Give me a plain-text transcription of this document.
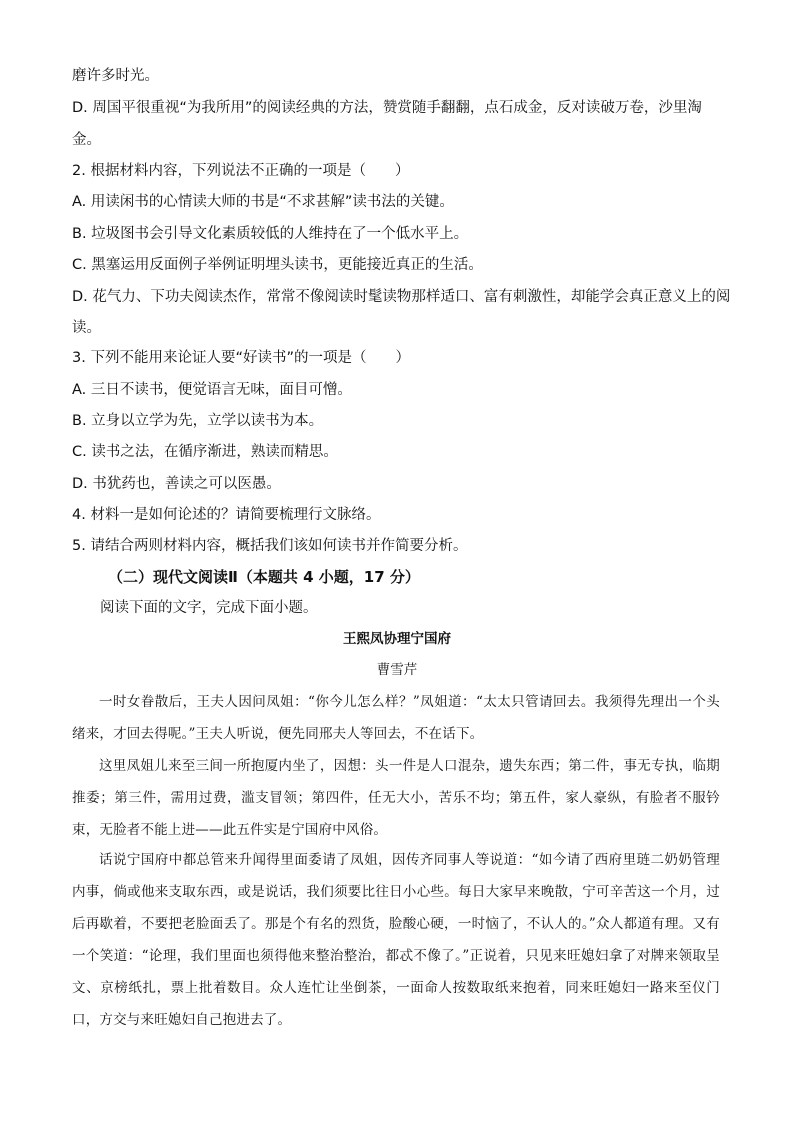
磨许多时光。
D. 周国平很重视“为我所用”的阅读经典的方法，赞赏随手翻翻，点石成金，反对读破万卷，沙里淘
金。
2. 根据材料内容，下列说法不正确的一项是（　　）
A. 用读闲书的心情读大师的书是“不求甚解”读书法的关键。
B. 垃圾图书会引导文化素质较低的人维持在了一个低水平上。
C. 黑塞运用反面例子举例证明埋头读书，更能接近真正的生活。
D. 花气力、下功夫阅读杰作，常常不像阅读时髦读物那样适口、富有刺激性，却能学会真正意义上的阅
读。
3. 下列不能用来论证人要“好读书”的一项是（　　）
A. 三日不读书，便觉语言无味，面目可憎。
B. 立身以立学为先，立学以读书为本。
C. 读书之法，在循序渐进，熟读而精思。
D. 书犹药也，善读之可以医愚。
4. 材料一是如何论述的？请简要梳理行文脉络。
5. 请结合两则材料内容，概括我们该如何读书并作简要分析。
（二）现代文阅读Ⅱ（本题共 4 小题，17 分）
阅读下面的文字，完成下面小题。
王熙凤协理宁国府
曹雪芹
一时女眷散后，王夫人因问凤姐：“你今儿怎么样？”凤姐道：“太太只管请回去。我须得先理出一个头绪来，才回去得呢。”王夫人听说，便先同邢夫人等回去，不在话下。
这里凤姐儿来至三间一所抱厦内坐了，因想：头一件是人口混杂，遗失东西；第二件，事无专执，临期推委；第三件，需用过费，滥支冒领；第四件，任无大小，苦乐不均；第五件，家人豪纵，有脸者不服钤束，无脸者不能上进——此五件实是宁国府中风俗。
话说宁国府中都总管来升闻得里面委请了凤姐，因传齐同事人等说道：“如今请了西府里琏二奶奶管理内事，倘或他来支取东西，或是说话，我们须要比往日小心些。每日大家早来晚散，宁可辛苦这一个月，过后再歇着，不要把老脸面丢了。那是个有名的烈货，脸酸心硬，一时恼了，不认人的。”众人都道有理。又有一个笑道：“论理，我们里面也须得他来整治整治，都忒不像了。”正说着，只见来旺媳妇拿了对牌来领取呈文、京榜纸扎，票上批着数目。众人连忙让坐倒茶，一面命人按数取纸来抱着，同来旺媳妇一路来至仪门口，方交与来旺媳妇自己抱进去了。
